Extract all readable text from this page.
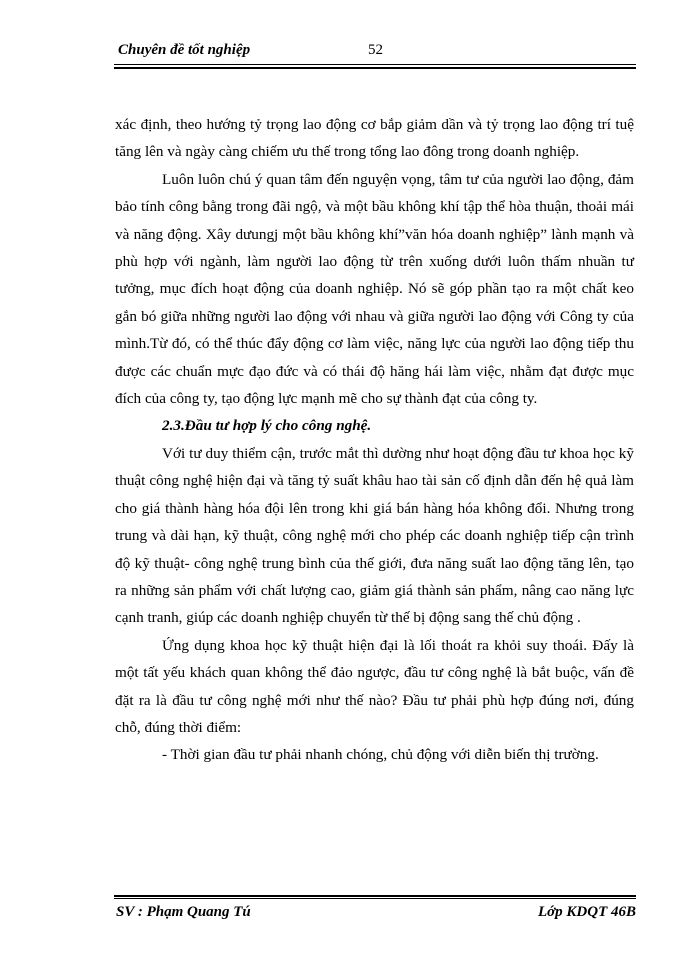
Chuyên đề tốt nghiệp	52

xác định, theo hướng tỷ trọng lao động cơ bắp giảm dần và tỷ trọng lao động trí tuệ tăng lên và ngày càng chiếm ưu thế trong tổng lao đông trong doanh nghiệp.

Luôn luôn chú ý quan tâm đến nguyện vọng, tâm tư của người lao động, đảm bảo tính công bằng trong đãi ngộ, và một bầu không khí tập thể hòa thuận, thoải mái và năng động. Xây dưungj một bầu không khí”văn hóa doanh nghiệp” lành mạnh và phù hợp với ngành, làm người lao động từ trên xuống dưới luôn thấm nhuần tư tưởng, mục đích hoạt động của doanh nghiệp. Nó sẽ góp phần tạo ra một chất keo gắn bó giữa những người lao động với nhau và giữa người lao động với Công ty của mình.Từ đó, có thể thúc đẩy động cơ làm việc, năng lực của người lao động tiếp thu được các chuẩn mực đạo đức và có thái độ hăng hái làm việc, nhằm đạt được mục đích của công ty, tạo động lực mạnh mẽ cho sự thành đạt của công ty.

2.3.Đầu tư hợp lý cho công nghệ.

Với tư duy thiểm cận, trước mắt thì dường như hoạt động đầu tư khoa học kỹ thuật công nghệ hiện đại và tăng tỷ suất khâu hao tài sản cố định dẫn đến hệ quả làm cho giá thành hàng hóa đội lên trong khi giá bán hàng hóa không đổi. Nhưng trong trung và dài hạn, kỹ thuật, công nghệ mới cho phép các doanh nghiệp tiếp cận trình độ kỹ thuật- công nghệ trung bình của thế giới, đưa năng suất lao động tăng lên, tạo ra những sản phẩm với chất lượng cao, giảm giá thành sản phẩm, nâng cao năng lực cạnh tranh, giúp các doanh nghiệp chuyển từ thế bị động sang thế chủ động .

Ứng dụng khoa học kỹ thuật hiện đại là lối thoát ra khỏi suy thoái. Đấy là một tất yếu khách quan không thể đảo ngược, đầu tư công nghệ là bắt buộc, vấn đề đặt ra là đầu tư công nghệ mới như thế nào? Đầu tư phải phù hợp đúng nơi, đúng chỗ, đúng thời điểm:

- Thời gian đầu tư phải nhanh chóng, chủ động với diễn biến thị trường.

SV : Phạm Quang Tú	Lớp KDQT 46B
